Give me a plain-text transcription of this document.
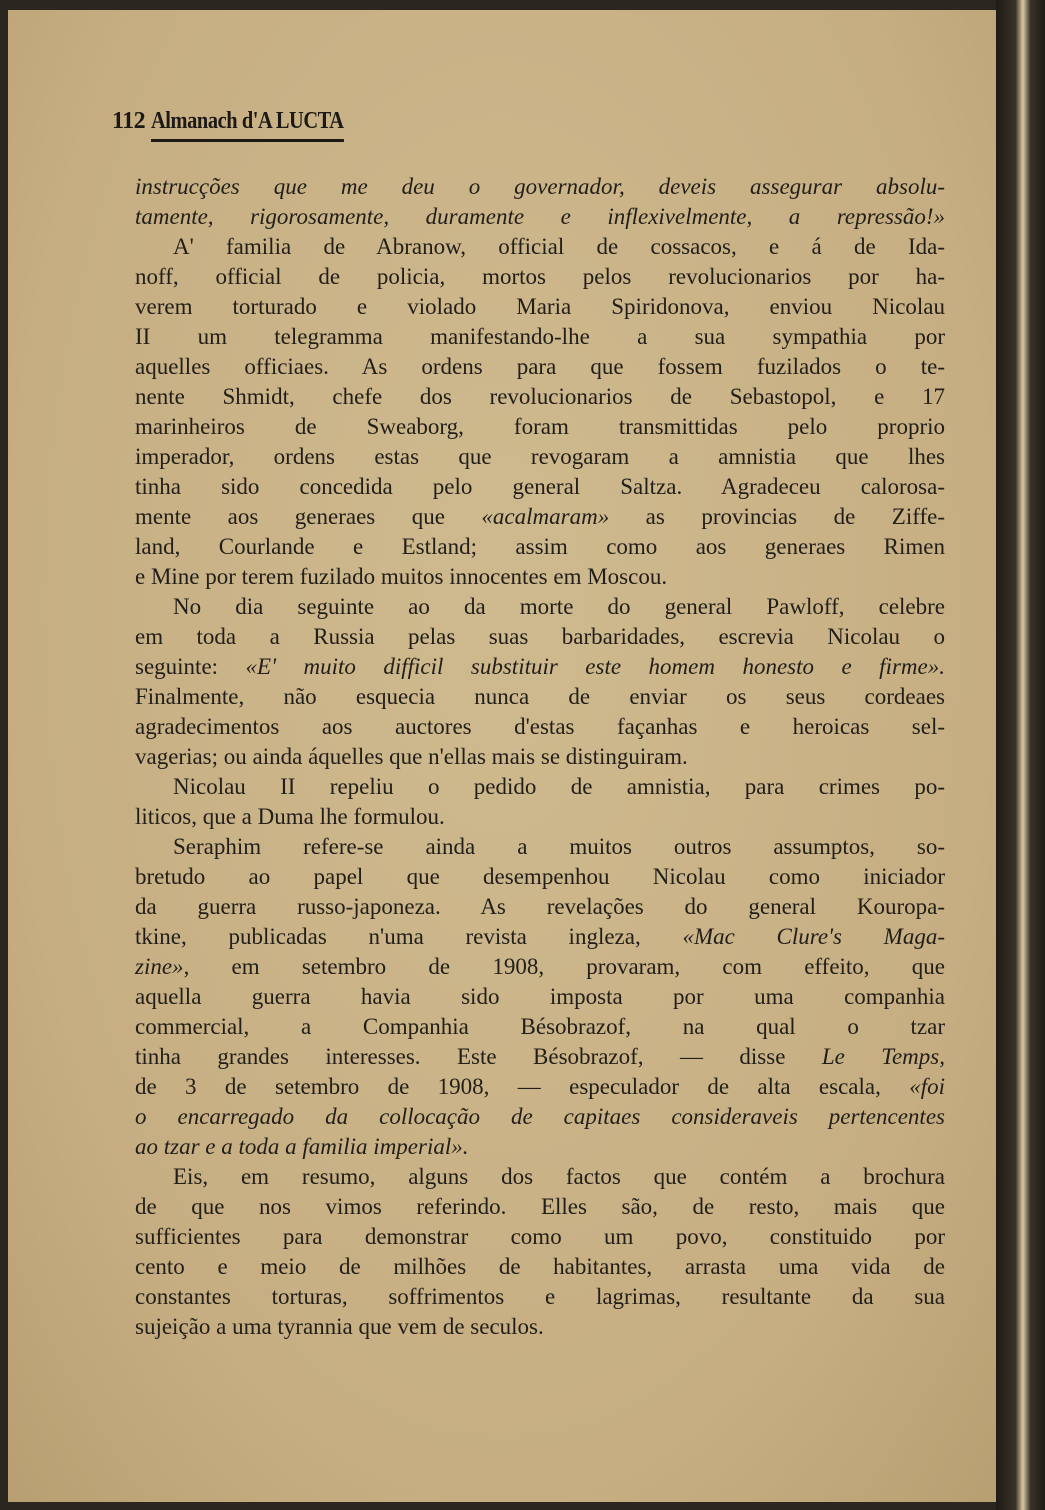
112 Almanach d'A LUCTA
instrucções que me deu o governador, deveis assegurar absolu-
tamente, rigorosamente, duramente e inflexivelmente, a repressão!»
A' familia de Abranow, official de cossacos, e á de Ida-
noff, official de policia, mortos pelos revolucionarios por ha-
verem torturado e violado Maria Spiridonova, enviou Nicolau
II um telegramma manifestando-lhe a sua sympathia por
aquelles officiaes. As ordens para que fossem fuzilados o te-
nente Shmidt, chefe dos revolucionarios de Sebastopol, e 17
marinheiros de Sweaborg, foram transmittidas pelo proprio
imperador, ordens estas que revogaram a amnistia que lhes
tinha sido concedida pelo general Saltza. Agradeceu calorosa-
mente aos generaes que «acalmaram» as provincias de Ziffe-
land, Courlande e Estland; assim como aos generaes Rimen
e Mine por terem fuzilado muitos innocentes em Moscou.
No dia seguinte ao da morte do general Pawloff, celebre
em toda a Russia pelas suas barbaridades, escrevia Nicolau o
seguinte: «E' muito difficil substituir este homem honesto e firme».
Finalmente, não esquecia nunca de enviar os seus cordeaes
agradecimentos aos auctores d'estas façanhas e heroicas sel-
vagerias; ou ainda áquelles que n'ellas mais se distinguiram.
Nicolau II repeliu o pedido de amnistia, para crimes po-
liticos, que a Duma lhe formulou.
Seraphim refere-se ainda a muitos outros assumptos, so-
bretudo ao papel que desempenhou Nicolau como iniciador
da guerra russo-japoneza. As revelações do general Kouropa-
tkine, publicadas n'uma revista ingleza, «Mac Clure's Maga-
zine», em setembro de 1908, provaram, com effeito, que
aquella guerra havia sido imposta por uma companhia
commercial, a Companhia Bésobrazof, na qual o tzar
tinha grandes interesses. Este Bésobrazof, — disse Le Temps,
de 3 de setembro de 1908, — especulador de alta escala, «foi
o encarregado da collocação de capitaes consideraveis pertencentes
ao tzar e a toda a familia imperial».
Eis, em resumo, alguns dos factos que contém a brochura
de que nos vimos referindo. Elles são, de resto, mais que
sufficientes para demonstrar como um povo, constituido por
cento e meio de milhões de habitantes, arrasta uma vida de
constantes torturas, soffrimentos e lagrimas, resultante da sua
sujeição a uma tyrannia que vem de seculos.
